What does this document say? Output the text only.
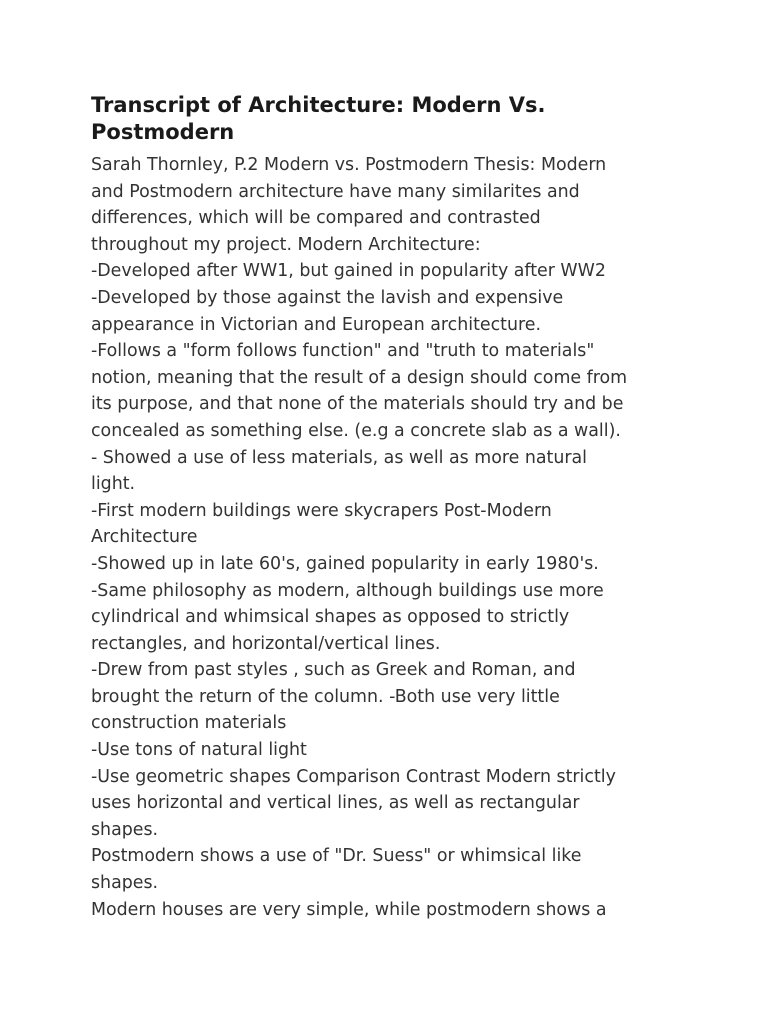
Transcript of Architecture: Modern Vs.
Postmodern

Sarah Thornley, P.2 Modern vs. Postmodern Thesis: Modern
and Postmodern architecture have many similarites and
differences, which will be compared and contrasted
throughout my project. Modern Architecture:
-Developed after WW1, but gained in popularity after WW2
-Developed by those against the lavish and expensive
appearance in Victorian and European architecture.
-Follows a "form follows function" and "truth to materials"
notion, meaning that the result of a design should come from
its purpose, and that none of the materials should try and be
concealed as something else. (e.g a concrete slab as a wall).
- Showed a use of less materials, as well as more natural
light.
-First modern buildings were skycrapers Post-Modern
Architecture
-Showed up in late 60's, gained popularity in early 1980's.
-Same philosophy as modern, although buildings use more
cylindrical and whimsical shapes as opposed to strictly
rectangles, and horizontal/vertical lines.
-Drew from past styles , such as Greek and Roman, and
brought the return of the column. -Both use very little
construction materials
-Use tons of natural light
-Use geometric shapes Comparison Contrast Modern strictly
uses horizontal and vertical lines, as well as rectangular
shapes.
Postmodern shows a use of "Dr. Suess" or whimsical like
shapes.
Modern houses are very simple, while postmodern shows a
